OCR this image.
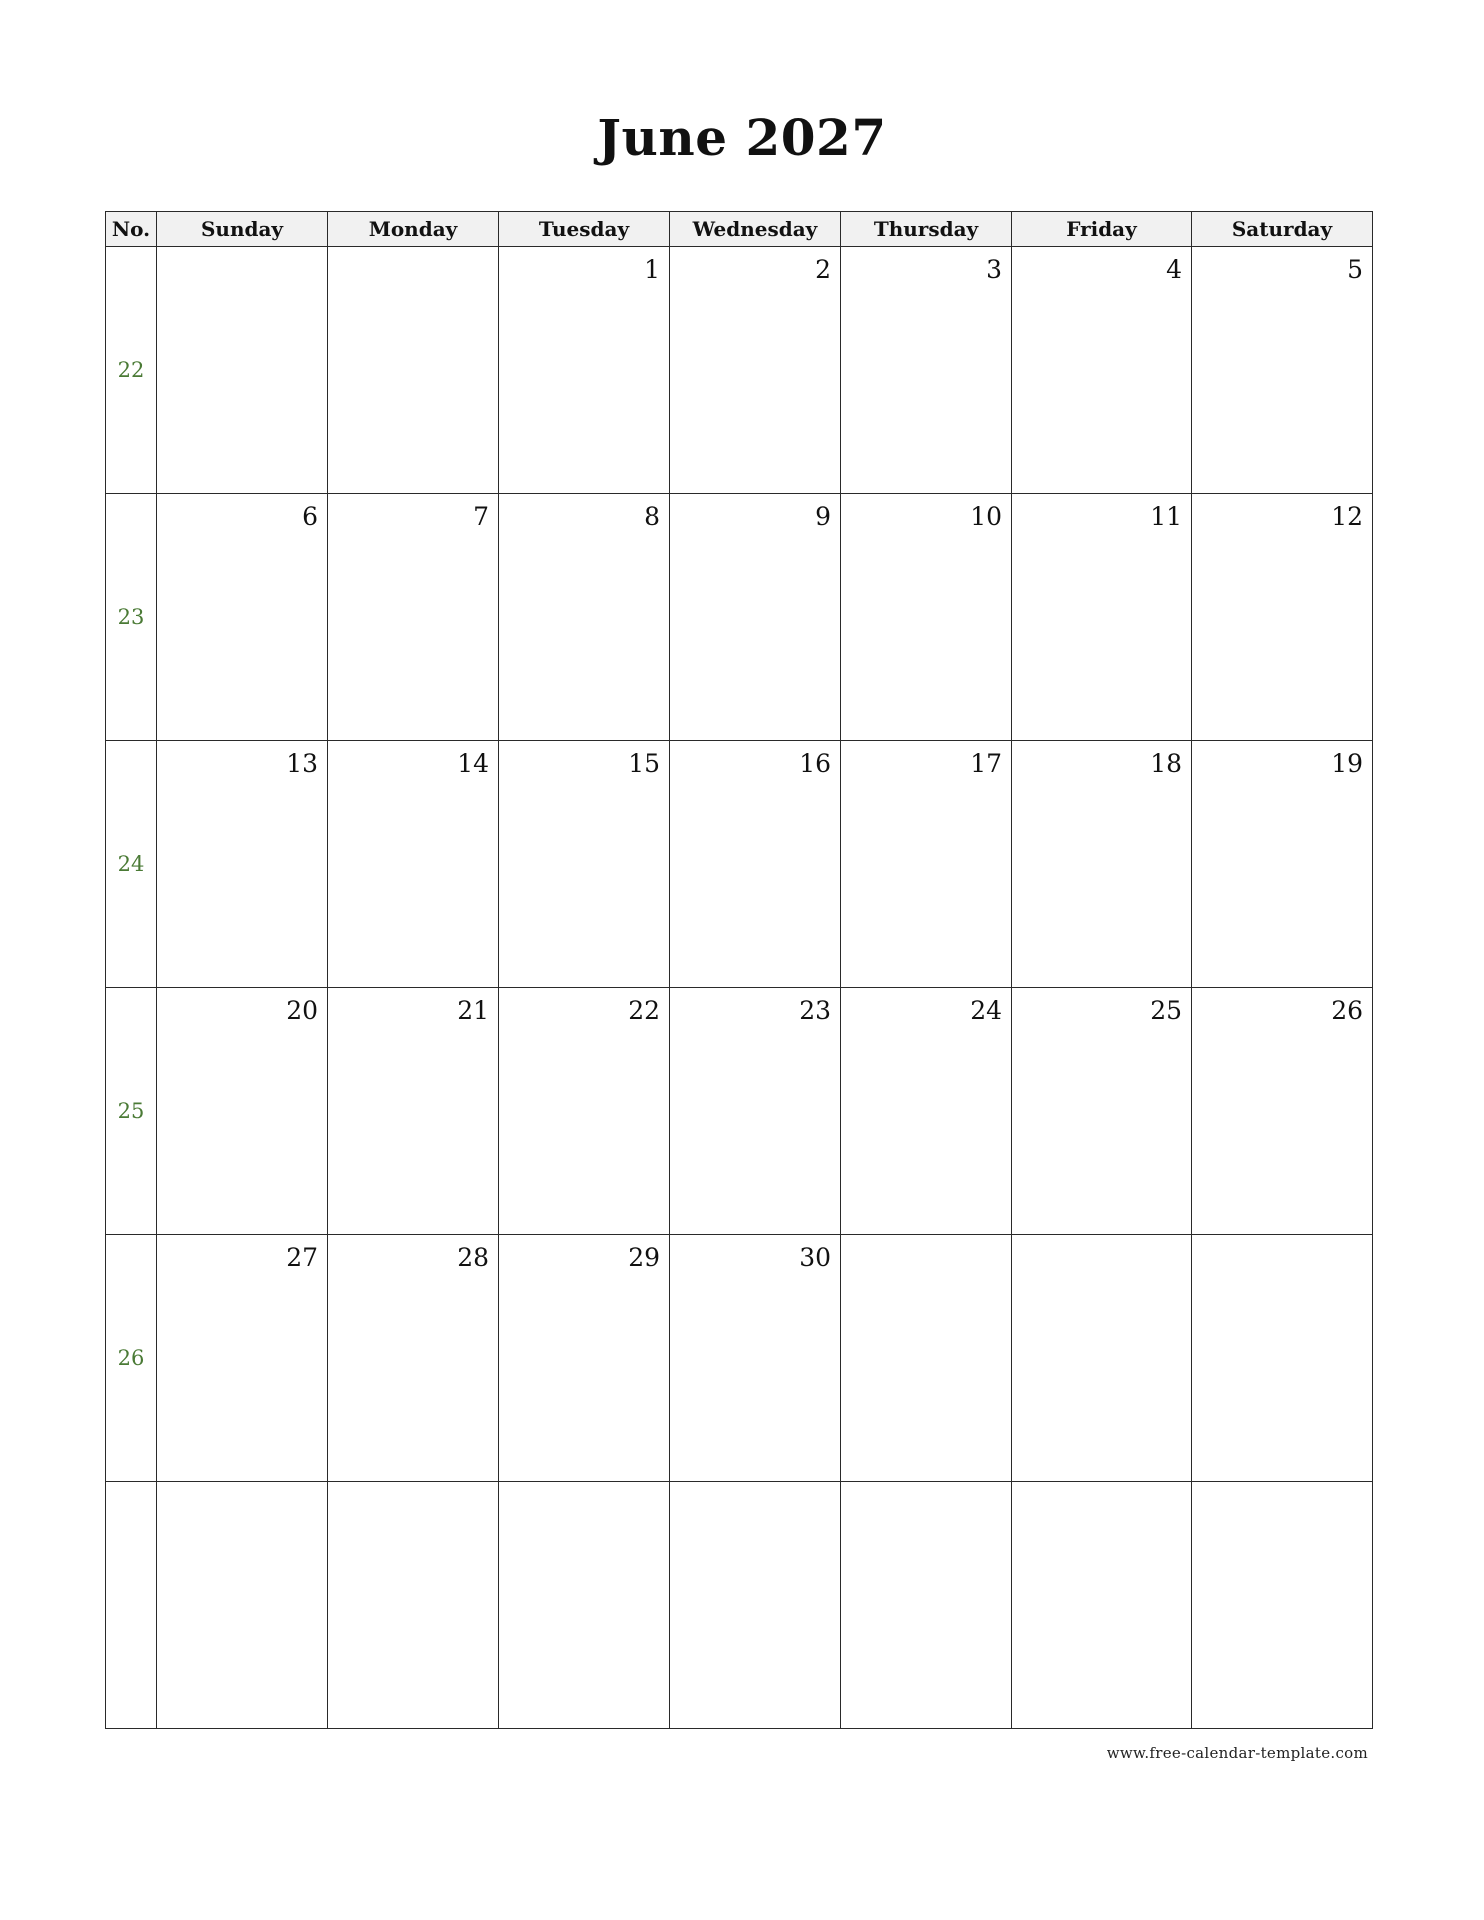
June 2027
No.	Sunday	Monday	Tuesday	Wednesday	Thursday	Friday	Saturday
22			1	2	3	4	5

23	6	7	8	9	10	11	12

24	13	14	15	16	17	18	19

25	20	21	22	23	24	25	26

26	27	28	29	30			

www.free-calendar-template.com
